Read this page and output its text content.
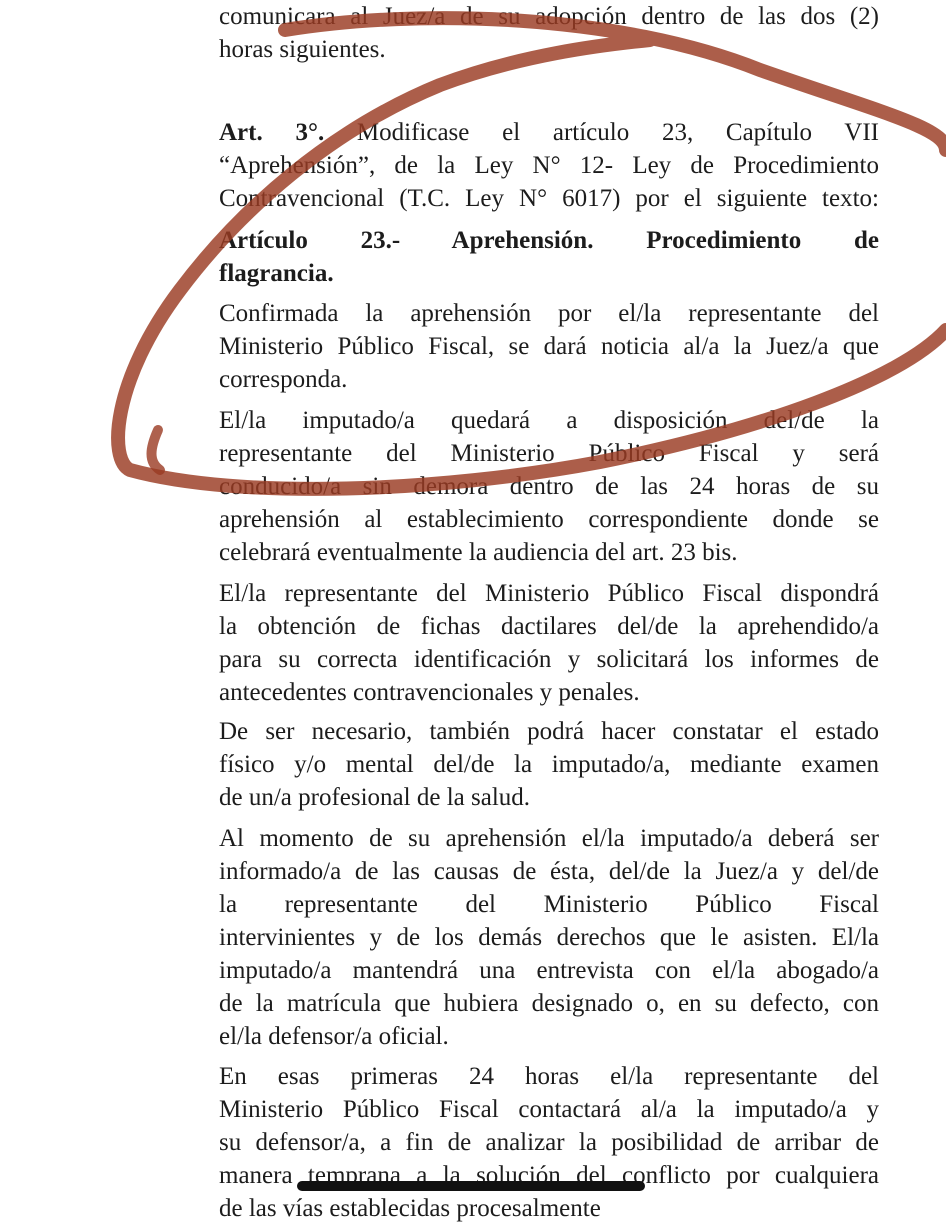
comunicara al Juez/a de su adopción dentro de las dos (2)
horas siguientes.
Art. 3°. Modificase el artículo 23, Capítulo VII
“Aprehensión”, de la Ley N° 12- Ley de Procedimiento
Contravencional (T.C. Ley N° 6017) por el siguiente texto:
Artículo 23.- Aprehensión. Procedimiento de
flagrancia.
Confirmada la aprehensión por el/la representante del
Ministerio Público Fiscal, se dará noticia al/a la Juez/a que
corresponda.
El/la imputado/a quedará a disposición del/de la
representante del Ministerio Público Fiscal y será
conducido/a sin demora dentro de las 24 horas de su
aprehensión al establecimiento correspondiente donde se
celebrará eventualmente la audiencia del art. 23 bis.
El/la representante del Ministerio Público Fiscal dispondrá
la obtención de fichas dactilares del/de la aprehendido/a
para su correcta identificación y solicitará los informes de
antecedentes contravencionales y penales.
De ser necesario, también podrá hacer constatar el estado
físico y/o mental del/de la imputado/a, mediante examen
de un/a profesional de la salud.
Al momento de su aprehensión el/la imputado/a deberá ser
informado/a de las causas de ésta, del/de la Juez/a y del/de
la representante del Ministerio Público Fiscal
intervinientes y de los demás derechos que le asisten. El/la
imputado/a mantendrá una entrevista con el/la abogado/a
de la matrícula que hubiera designado o, en su defecto, con
el/la defensor/a oficial.
En esas primeras 24 horas el/la representante del
Ministerio Público Fiscal contactará al/a la imputado/a y
su defensor/a, a fin de analizar la posibilidad de arribar de
manera temprana a la solución del conflicto por cualquiera
de las vías establecidas procesalmente
